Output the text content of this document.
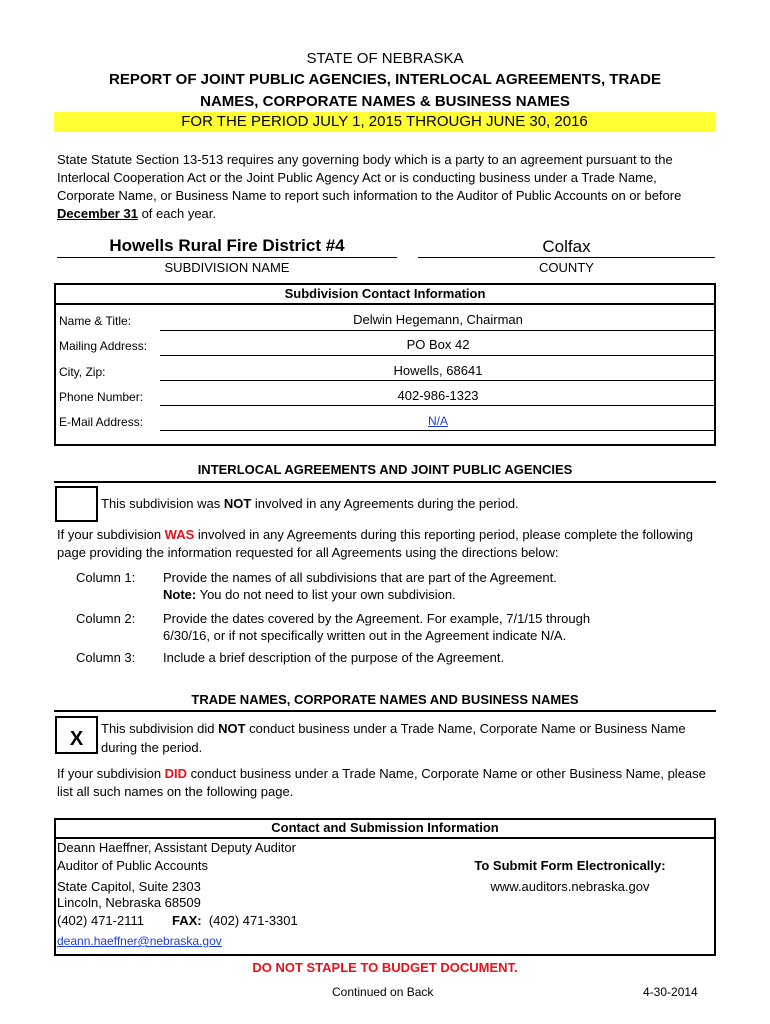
STATE OF NEBRASKA
REPORT OF JOINT PUBLIC AGENCIES, INTERLOCAL AGREEMENTS, TRADE
NAMES, CORPORATE NAMES & BUSINESS NAMES
FOR THE PERIOD JULY 1, 2015 THROUGH JUNE 30, 2016
State Statute Section 13-513 requires any governing body which is a party to an agreement pursuant to the Interlocal Cooperation Act or the Joint Public Agency Act or is conducting business under a Trade Name, Corporate Name, or Business Name to report such information to the Auditor of Public Accounts on or before December 31 of each year.
Howells Rural Fire District #4
SUBDIVISION NAME
Colfax
COUNTY
Subdivision Contact Information
Name & Title:	Delwin Hegemann, Chairman
Mailing Address:	PO Box 42
City, Zip:	Howells, 68641
Phone Number:	402-986-1323
E-Mail Address:	N/A
INTERLOCAL AGREEMENTS AND JOINT PUBLIC AGENCIES
This subdivision was NOT involved in any Agreements during the period.
If your subdivision WAS involved in any Agreements during this reporting period, please complete the following page providing the information requested for all Agreements using the directions below:
Column 1: Provide the names of all subdivisions that are part of the Agreement.
Note: You do not need to list your own subdivision.
Column 2: Provide the dates covered by the Agreement. For example, 7/1/15 through
6/30/16, or if not specifically written out in the Agreement indicate N/A.
Column 3: Include a brief description of the purpose of the Agreement.
TRADE NAMES, CORPORATE NAMES AND BUSINESS NAMES
X	This subdivision did NOT conduct business under a Trade Name, Corporate Name or Business Name during the period.
If your subdivision DID conduct business under a Trade Name, Corporate Name or other Business Name, please list all such names on the following page.
Contact and Submission Information
Deann Haeffner, Assistant Deputy Auditor
Auditor of Public Accounts
State Capitol, Suite 2303
Lincoln, Nebraska 68509
(402) 471-2111 FAX: (402) 471-3301
deann.haeffner@nebraska.gov
To Submit Form Electronically:
www.auditors.nebraska.gov
DO NOT STAPLE TO BUDGET DOCUMENT.
Continued on Back	4-30-2014
